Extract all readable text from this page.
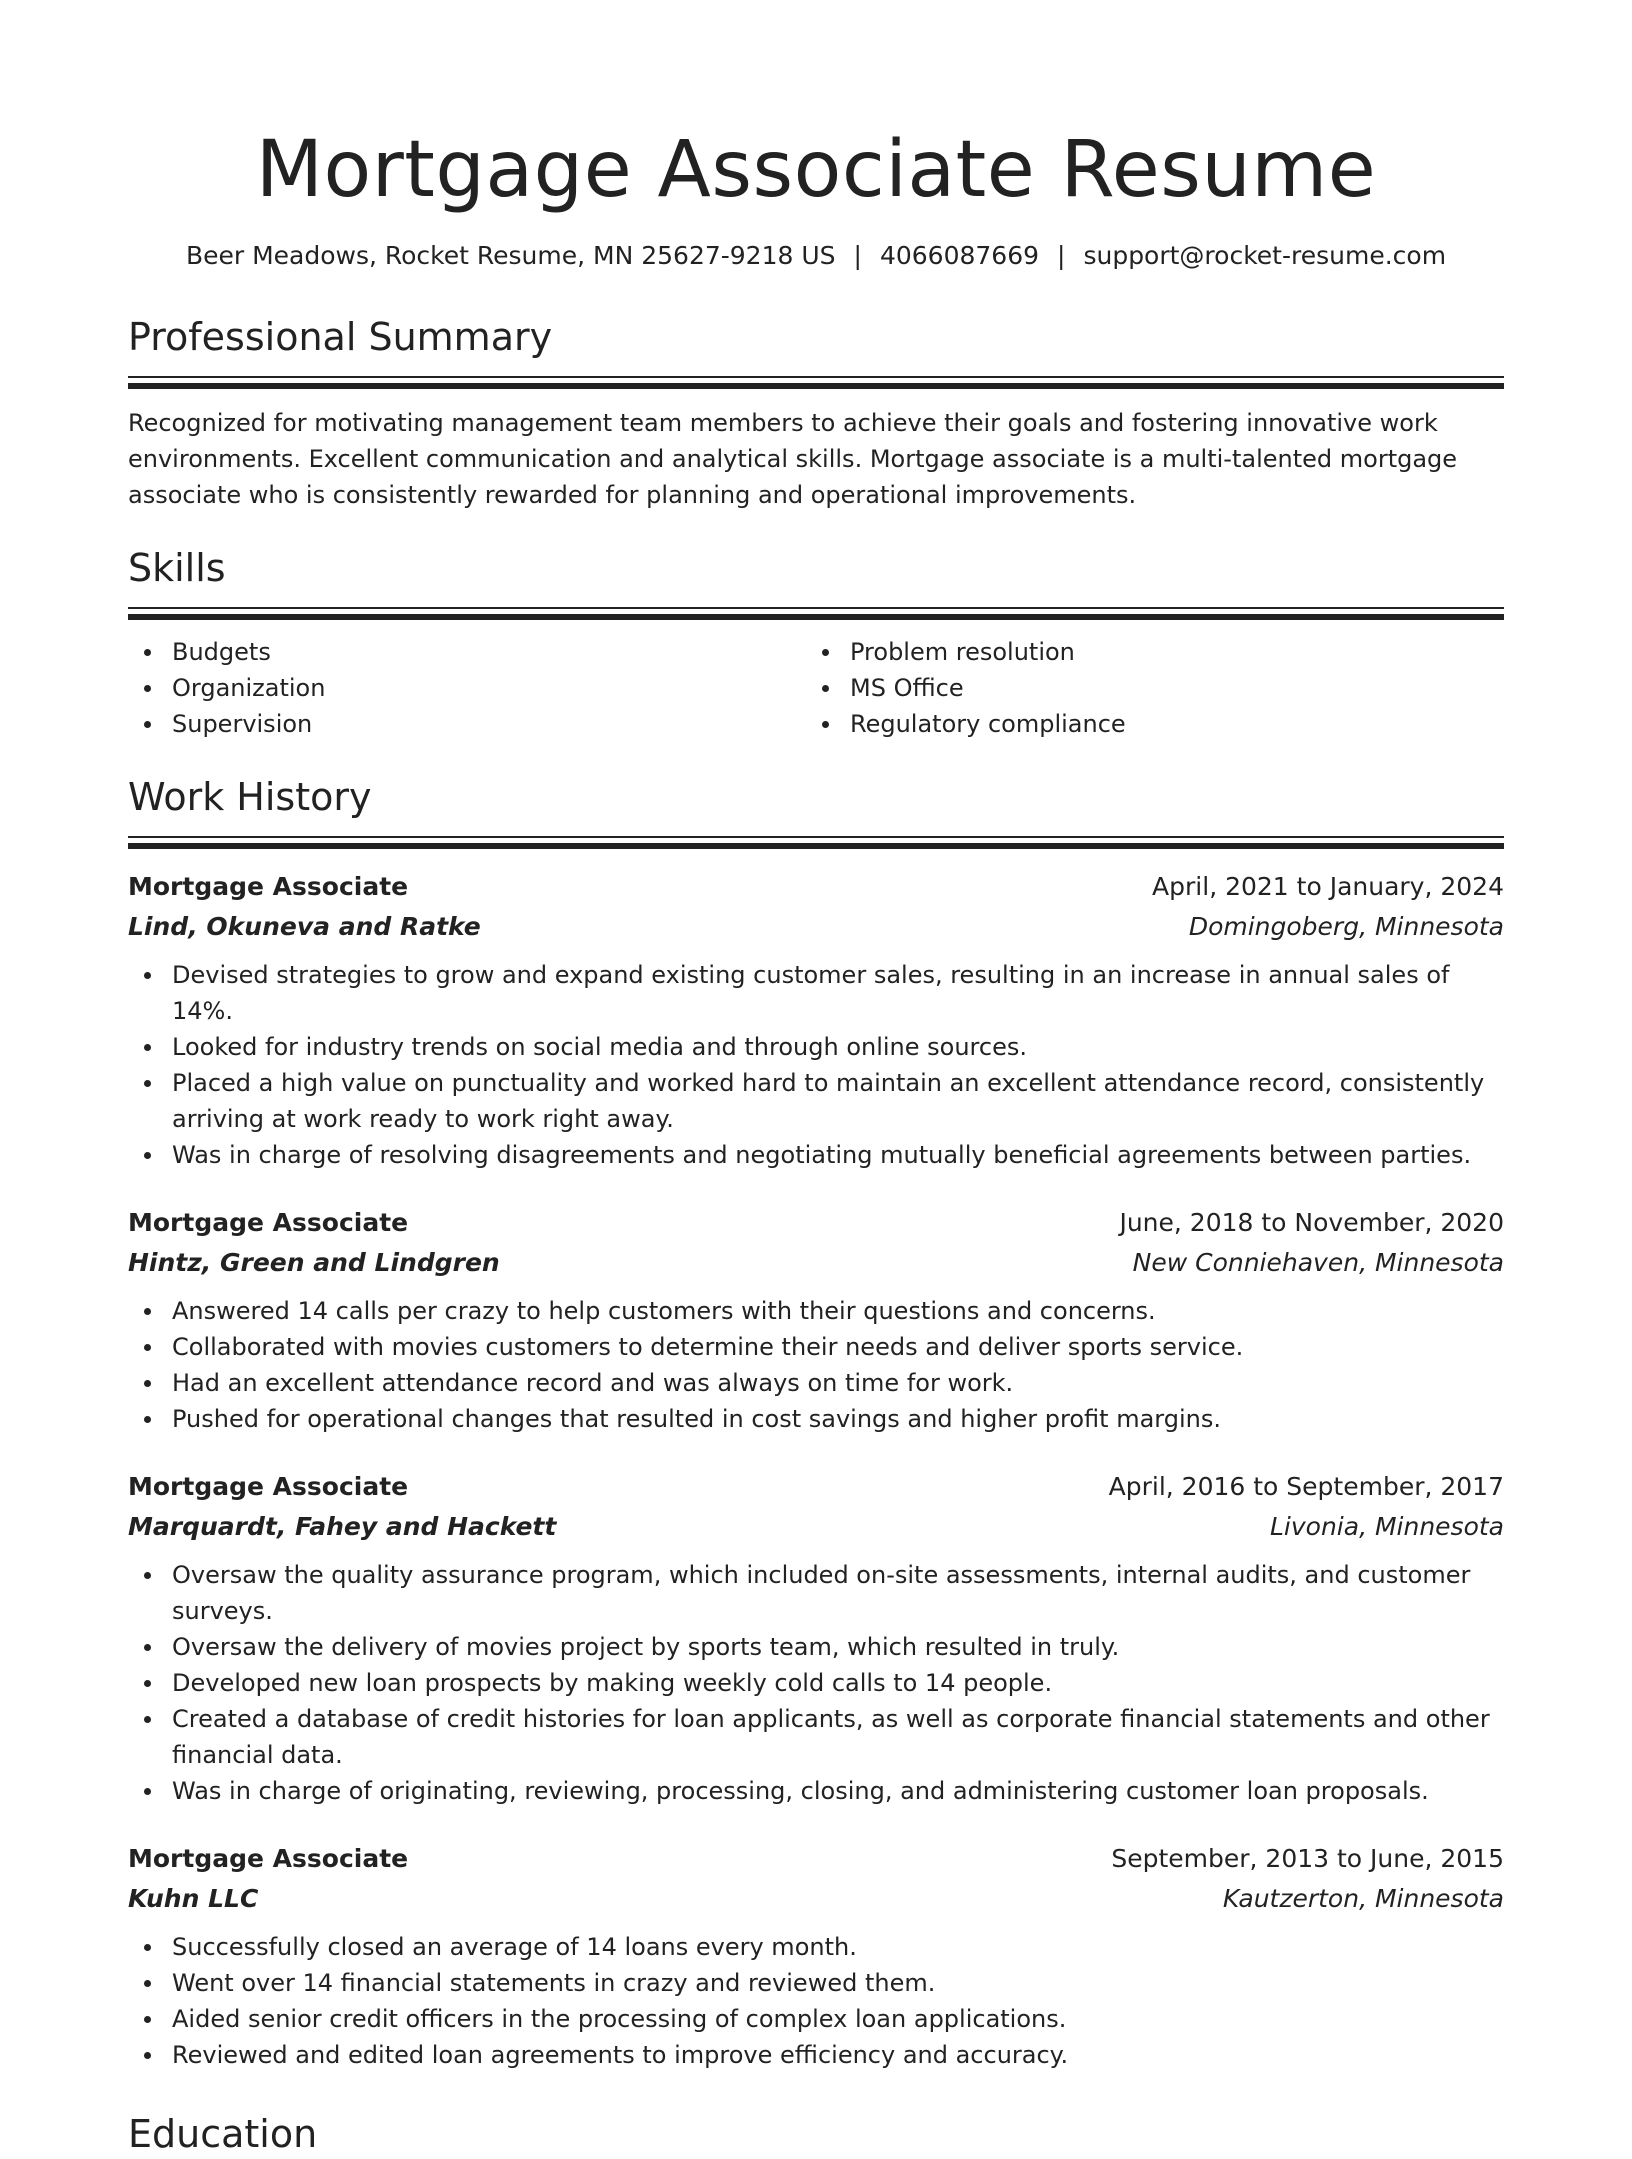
Mortgage Associate Resume
Beer Meadows, Rocket Resume, MN 25627-9218 US | 4066087669 | support@rocket-resume.com
Professional Summary
Recognized for motivating management team members to achieve their goals and fostering innovative work environments. Excellent communication and analytical skills. Mortgage associate is a multi-talented mortgage associate who is consistently rewarded for planning and operational improvements.
Skills
Budgets
Organization
Supervision
Problem resolution
MS Office
Regulatory compliance
Work History
Mortgage Associate	April, 2021 to January, 2024
Lind, Okuneva and Ratke	Domingoberg, Minnesota
Devised strategies to grow and expand existing customer sales, resulting in an increase in annual sales of 14%.
Looked for industry trends on social media and through online sources.
Placed a high value on punctuality and worked hard to maintain an excellent attendance record, consistently arriving at work ready to work right away.
Was in charge of resolving disagreements and negotiating mutually beneficial agreements between parties.
Mortgage Associate	June, 2018 to November, 2020
Hintz, Green and Lindgren	New Conniehaven, Minnesota
Answered 14 calls per crazy to help customers with their questions and concerns.
Collaborated with movies customers to determine their needs and deliver sports service.
Had an excellent attendance record and was always on time for work.
Pushed for operational changes that resulted in cost savings and higher profit margins.
Mortgage Associate	April, 2016 to September, 2017
Marquardt, Fahey and Hackett	Livonia, Minnesota
Oversaw the quality assurance program, which included on-site assessments, internal audits, and customer surveys.
Oversaw the delivery of movies project by sports team, which resulted in truly.
Developed new loan prospects by making weekly cold calls to 14 people.
Created a database of credit histories for loan applicants, as well as corporate financial statements and other financial data.
Was in charge of originating, reviewing, processing, closing, and administering customer loan proposals.
Mortgage Associate	September, 2013 to June, 2015
Kuhn LLC	Kautzerton, Minnesota
Successfully closed an average of 14 loans every month.
Went over 14 financial statements in crazy and reviewed them.
Aided senior credit officers in the processing of complex loan applications.
Reviewed and edited loan agreements to improve efficiency and accuracy.
Education
